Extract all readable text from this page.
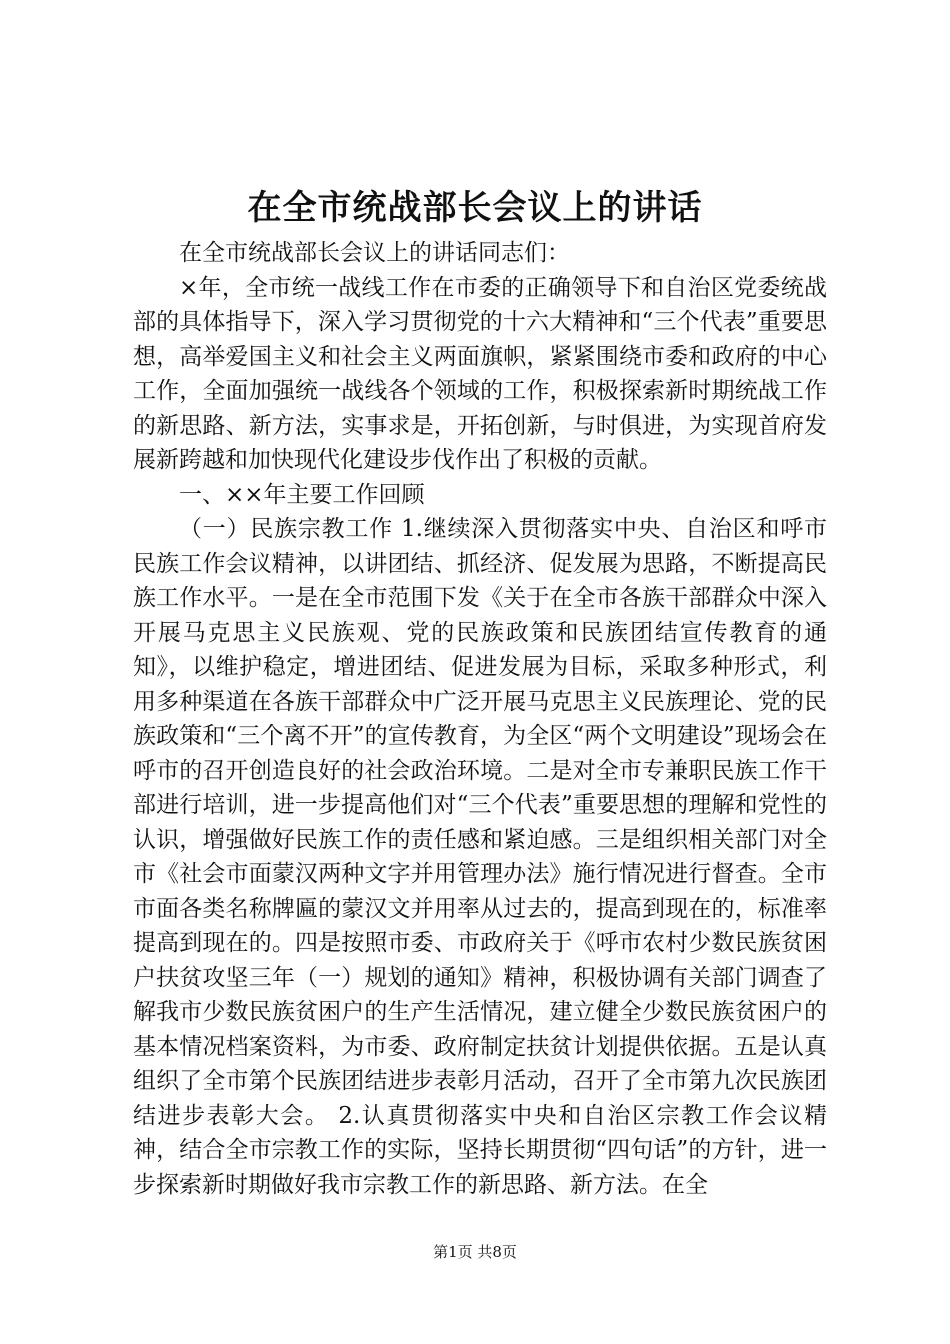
在全市统战部长会议上的讲话

在全市统战部长会议上的讲话同志们：

×年，全市统一战线工作在市委的正确领导下和自治区党委统战部的具体指导下，深入学习贯彻党的十六大精神和“三个代表”重要思想，高举爱国主义和社会主义两面旗帜，紧紧围绕市委和政府的中心工作，全面加强统一战线各个领域的工作，积极探索新时期统战工作的新思路、新方法，实事求是，开拓创新，与时俱进，为实现首府发展新跨越和加快现代化建设步伐作出了积极的贡献。

一、××年主要工作回顾

（一）民族宗教工作 1.继续深入贯彻落实中央、自治区和呼市民族工作会议精神，以讲团结、抓经济、促发展为思路，不断提高民族工作水平。一是在全市范围下发《关于在全市各族干部群众中深入开展马克思主义民族观、党的民族政策和民族团结宣传教育的通知》，以维护稳定，增进团结、促进发展为目标，采取多种形式，利用多种渠道在各族干部群众中广泛开展马克思主义民族理论、党的民族政策和“三个离不开”的宣传教育，为全区“两个文明建设”现场会在呼市的召开创造良好的社会政治环境。二是对全市专兼职民族工作干部进行培训，进一步提高他们对“三个代表”重要思想的理解和党性的认识，增强做好民族工作的责任感和紧迫感。三是组织相关部门对全市《社会市面蒙汉两种文字并用管理办法》施行情况进行督查。全市市面各类名称牌匾的蒙汉文并用率从过去的，提高到现在的，标准率提高到现在的。四是按照市委、市政府关于《呼市农村少数民族贫困户扶贫攻坚三年（一）规划的通知》精神，积极协调有关部门调查了解我市少数民族贫困户的生产生活情况，建立健全少数民族贫困户的基本情况档案资料，为市委、政府制定扶贫计划提供依据。五是认真组织了全市第个民族团结进步表彰月活动，召开了全市第九次民族团结进步表彰大会。 2.认真贯彻落实中央和自治区宗教工作会议精神，结合全市宗教工作的实际，坚持长期贯彻“四句话”的方针，进一步探索新时期做好我市宗教工作的新思路、新方法。在全

第1页 共8页
